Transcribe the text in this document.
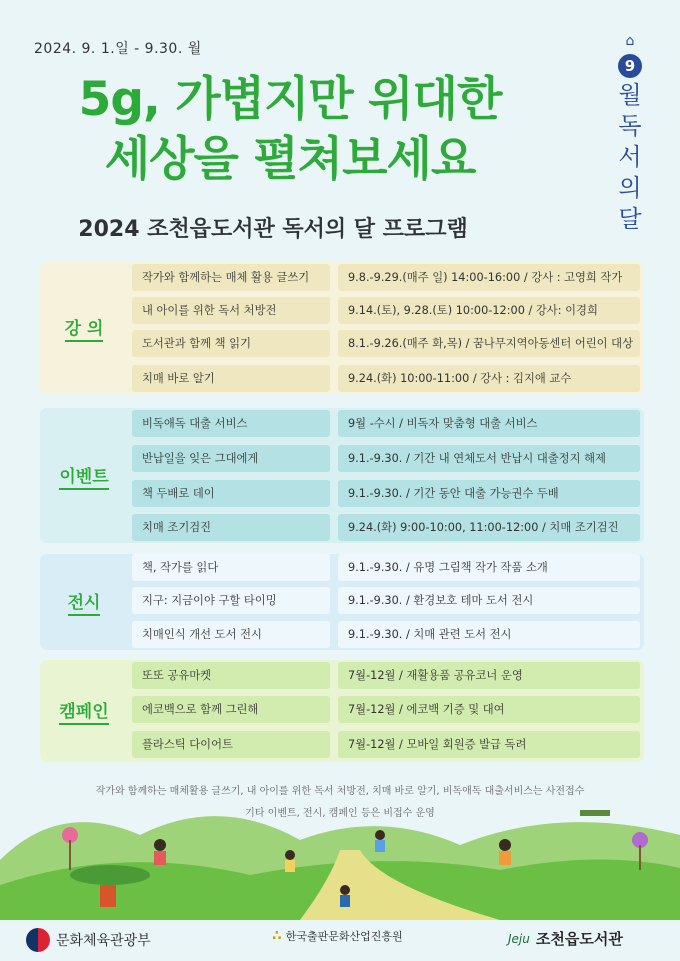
2024. 9. 1.일 - 9.30. 월
5g, 가볍지만 위대한
세상을 펼쳐보세요
2024 조천읍도서관 독서의 달 프로그램
⌂
9
월
독
서
의
달
강 의
작가와 함께하는 매체 활용 글쓰기	9.8.-9.29.(매주 일) 14:00-16:00 / 강사 : 고영희 작가
내 아이를 위한 독서 처방전	9.14.(토), 9.28.(토) 10:00-12:00 / 강사: 이경희
도서관과 함께 책 읽기	8.1.-9.26.(매주 화,목) / 꿈나무지역아동센터 어린이 대상
치매 바로 알기	9.24.(화) 10:00-11:00 / 강사 : 김지애 교수
이벤트
비독애독 대출 서비스	9월 -수시 / 비독자 맞춤형 대출 서비스
반납일을 잊은 그대에게	9.1.-9.30. / 기간 내 연체도서 반납시 대출정지 해제
책 두배로 데이	9.1.-9.30. / 기간 동안 대출 가능권수 두배
치매 조기검진	9.24.(화) 9:00-10:00, 11:00-12:00 / 치매 조기검진
전시
책, 작가를 읽다	9.1.-9.30. / 유명 그림책 작가 작품 소개
지구: 지금이야 구할 타이밍	9.1.-9.30. / 환경보호 테마 도서 전시
치매인식 개선 도서 전시	9.1.-9.30. / 치매 관련 도서 전시
캠페인
또또 공유마켓	7월-12월 / 재활용품 공유코너 운영
에코백으로 함께 그린해	7월-12월 / 에코백 기증 및 대여
플라스틱 다이어트	7월-12월 / 모바일 회원증 발급 독려
작가와 함께하는 매체활용 글쓰기, 내 아이를 위한 독서 처방전, 치매 바로 알기, 비독애독 대출서비스는 사전접수
기타 이벤트, 전시, 캠페인 등은 비접수 운영
문화체육관광부	∴ 한국출판문화산업진흥원	Jeju 조천읍도서관
